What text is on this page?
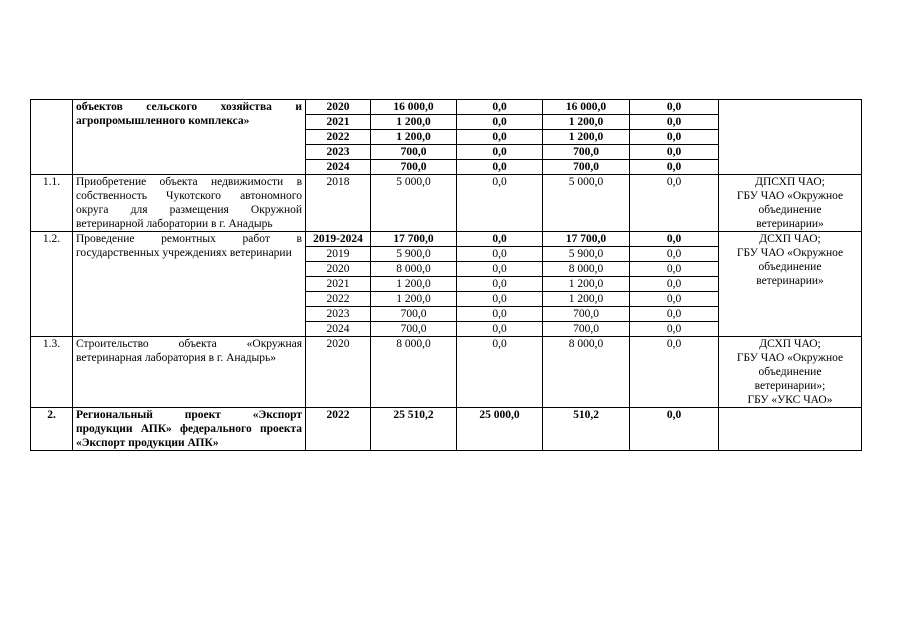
	объектов сельского хозяйства и агропромышленного комплекса»	2020	16 000,0	0,0	16 000,0	0,0	
		2021	1 200,0	0,0	1 200,0	0,0	
		2022	1 200,0	0,0	1 200,0	0,0	
		2023	700,0	0,0	700,0	0,0	
		2024	700,0	0,0	700,0	0,0	
1.1.	Приобретение объекта недвижимости в собственность Чукотского автономного округа для размещения Окружной ветеринарной лаборатории в г. Анадырь	2018	5 000,0	0,0	5 000,0	0,0	ДПСХП ЧАО;
ГБУ ЧАО «Окружное
объединение
ветеринарии»

1.2.	Проведение ремонтных работ в государственных учреждениях ветеринарии	2019-2024	17 700,0	0,0	17 700,0	0,0	ДСХП ЧАО;
ГБУ ЧАО «Окружное
объединение
ветеринарии»

		2019	5 900,0	0,0	5 900,0	0,0	
		2020	8 000,0	0,0	8 000,0	0,0	
		2021	1 200,0	0,0	1 200,0	0,0	
		2022	1 200,0	0,0	1 200,0	0,0	
		2023	700,0	0,0	700,0	0,0	
		2024	700,0	0,0	700,0	0,0	
1.3.	Строительство объекта «Окружная ветеринарная лаборатория в г. Анадырь»	2020	8 000,0	0,0	8 000,0	0,0	ДСХП ЧАО;
ГБУ ЧАО «Окружное
объединение
ветеринарии»;
ГБУ «УКС ЧАО»

2.	Региональный проект «Экспорт продукции АПК» федерального проекта «Экспорт продукции АПК»	2022	25 510,2	25 000,0	510,2	0,0	
